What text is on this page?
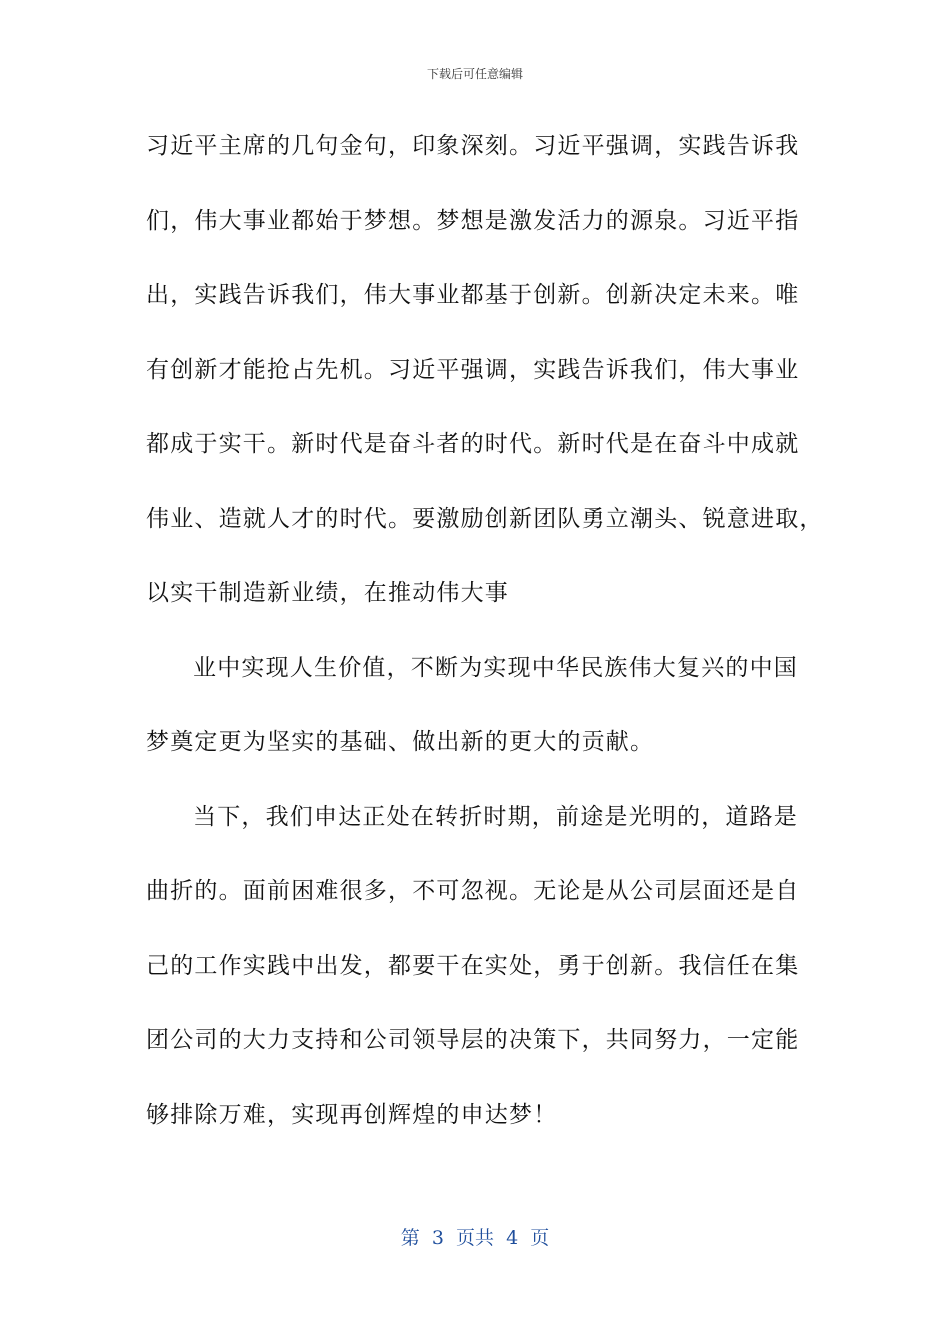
下载后可任意编辑
习近平主席的几句金句，印象深刻。习近平强调，实践告诉我
们，伟大事业都始于梦想。梦想是激发活力的源泉。习近平指
出，实践告诉我们，伟大事业都基于创新。创新决定未来。唯
有创新才能抢占先机。习近平强调，实践告诉我们，伟大事业
都成于实干。新时代是奋斗者的时代。新时代是在奋斗中成就
伟业、造就人才的时代。要激励创新团队勇立潮头、锐意进取，
以实干制造新业绩，在推动伟大事
业中实现人生价值，不断为实现中华民族伟大复兴的中国
梦奠定更为坚实的基础、做出新的更大的贡献。
当下，我们申达正处在转折时期，前途是光明的，道路是
曲折的。面前困难很多，不可忽视。无论是从公司层面还是自
己的工作实践中出发，都要干在实处，勇于创新。我信任在集
团公司的大力支持和公司领导层的决策下，共同努力，一定能
够排除万难，实现再创辉煌的申达梦！
第  3  页共  4  页
